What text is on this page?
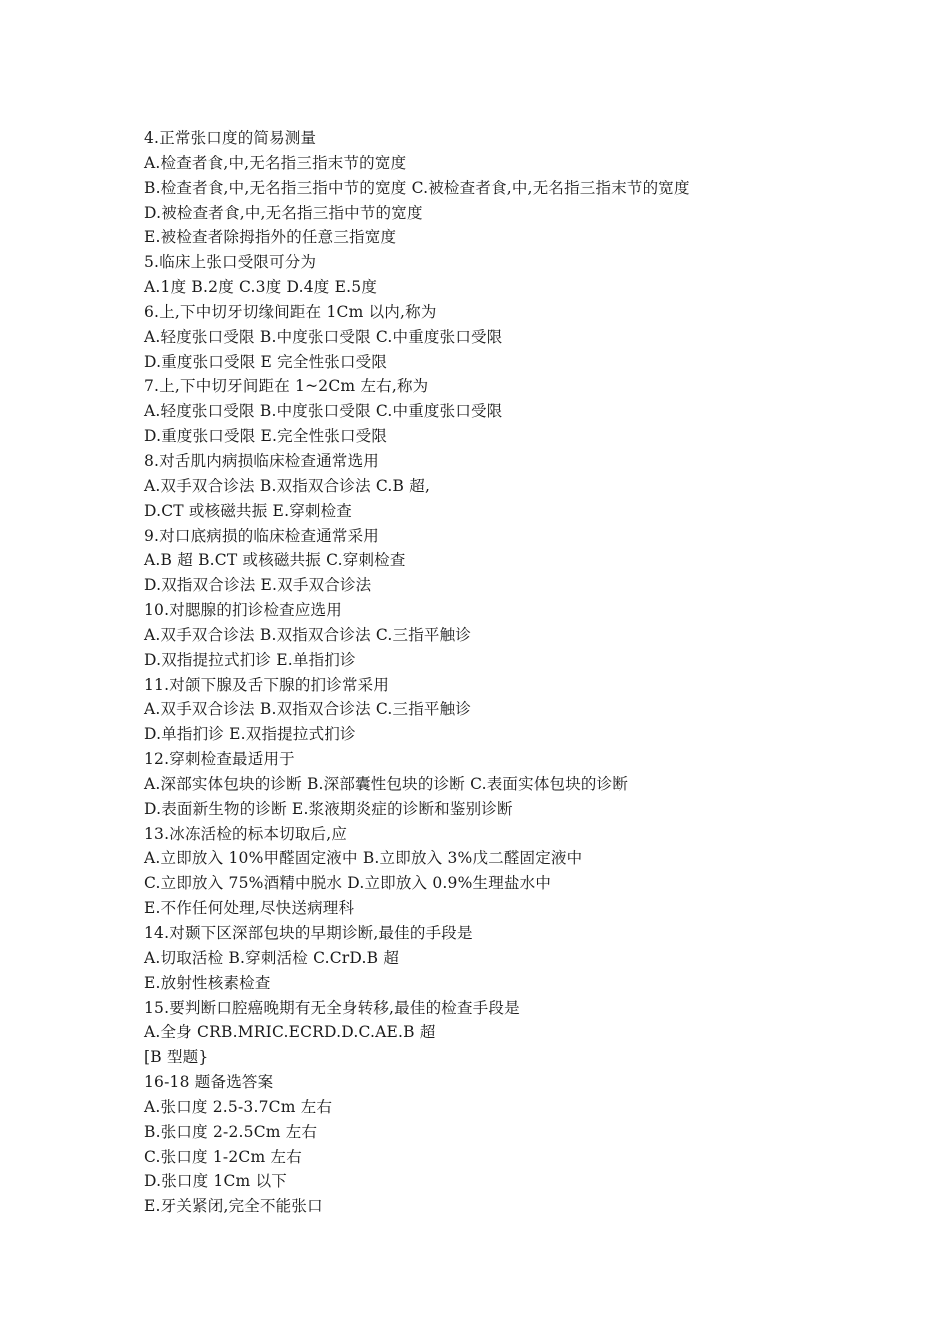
4.正常张口度的简易测量
A.检查者食,中,无名指三指末节的宽度
B.检查者食,中,无名指三指中节的宽度 C.被检查者食,中,无名指三指末节的宽度
D.被检查者食,中,无名指三指中节的宽度
E.被检查者除拇指外的任意三指宽度
5.临床上张口受限可分为
A.1度 B.2度 C.3度 D.4度 E.5度
6.上,下中切牙切缘间距在 1Cm 以内,称为
A.轻度张口受限 B.中度张口受限 C.中重度张口受限
D.重度张口受限 E 完全性张口受限
7.上,下中切牙间距在 1~2Cm 左右,称为
A.轻度张口受限 B.中度张口受限 C.中重度张口受限
D.重度张口受限 E.完全性张口受限
8.对舌肌内病损临床检查通常选用
A.双手双合诊法 B.双指双合诊法 C.B 超,
D.CT 或核磁共振 E.穿刺检查
9.对口底病损的临床检查通常采用
A.B 超 B.CT 或核磁共振 C.穿刺检查
D.双指双合诊法 E.双手双合诊法
10.对腮腺的扪诊检查应选用
A.双手双合诊法 B.双指双合诊法 C.三指平触诊
D.双指提拉式扪诊 E.单指扪诊
11.对颌下腺及舌下腺的扪诊常采用
A.双手双合诊法 B.双指双合诊法 C.三指平触诊
D.单指扪诊 E.双指提拉式扪诊
12.穿刺检查最适用于
A.深部实体包块的诊断 B.深部囊性包块的诊断 C.表面实体包块的诊断
D.表面新生物的诊断 E.浆液期炎症的诊断和鉴别诊断
13.冰冻活检的标本切取后,应
A.立即放入 10%甲醛固定液中 B.立即放入 3%戊二醛固定液中
C.立即放入 75%酒精中脱水 D.立即放入 0.9%生理盐水中
E.不作任何处理,尽快送病理科
14.对颞下区深部包块的早期诊断,最佳的手段是
A.切取活检 B.穿刺活检 C.CrD.B 超
E.放射性核素检查
15.要判断口腔癌晚期有无全身转移,最佳的检查手段是
A.全身 CRB.MRIC.ECRD.D.C.AE.B 超
[B 型题}
16-18 题备选答案
A.张口度 2.5-3.7Cm 左右
B.张口度 2-2.5Cm 左右
C.张口度 1-2Cm 左右
D.张口度 1Cm 以下
E.牙关紧闭,完全不能张口
